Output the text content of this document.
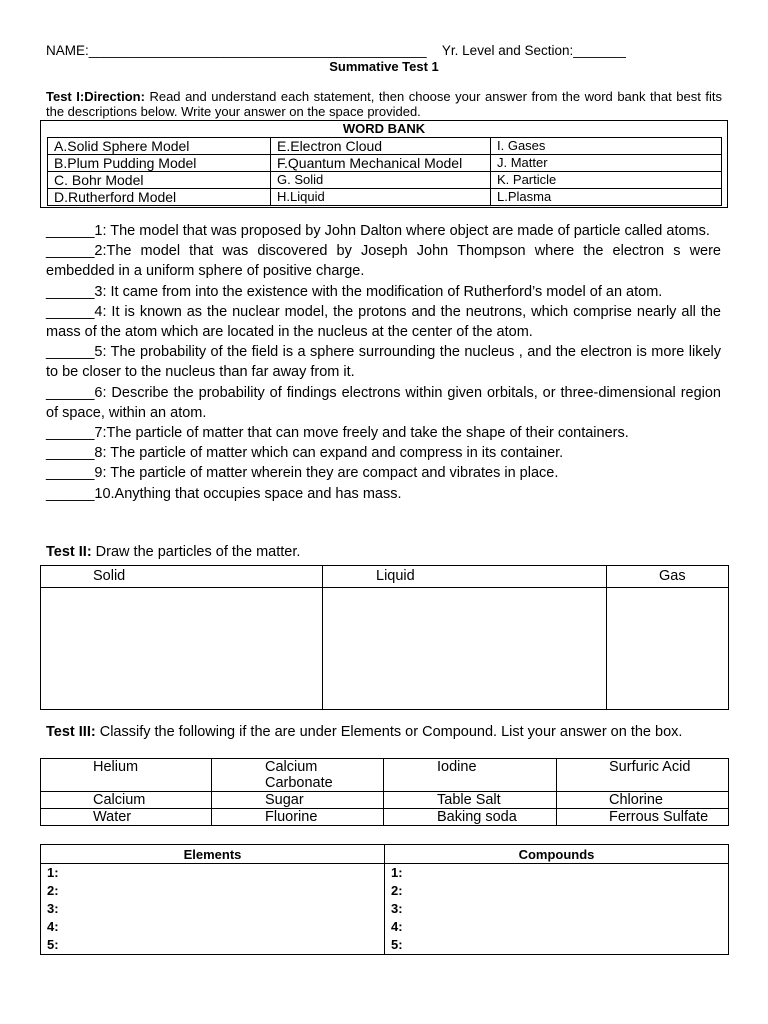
NAME:_____________________________________________ Yr. Level and Section:_______
Summative Test 1
Test I:Direction: Read and understand each statement, then choose your answer from the word bank that best fits the descriptions below. Write your answer on the space provided.
WORD BANK
A.Solid Sphere Model	E.Electron Cloud	I. Gases
B.Plum Pudding Model	F.Quantum Mechanical Model	J. Matter
C. Bohr Model	G. Solid	K. Particle
D.Rutherford Model	H.Liquid	L.Plasma

______1: The model that was proposed by John Dalton where object are made of particle called atoms.

______2:The model that was discovered by Joseph John Thompson where the electron s were embedded in a uniform sphere of positive charge.

______3: It came from into the existence with the modification of Rutherford’s model of an atom.

______4: It is known as the nuclear model, the protons and the neutrons, which comprise nearly all the mass of the atom which are located in the nucleus at the center of the atom.

______5: The probability of the field is a sphere surrounding the nucleus , and the electron is more likely to be closer to the nucleus than far away from it.

______6: Describe the probability of findings electrons within given orbitals, or three-dimensional region of space, within an atom.

______7:The particle of matter that can move freely and take the shape of their containers.

______8: The particle of matter which can expand and compress in its container.

______9: The particle of matter wherein they are compact and vibrates in place.

______10.Anything that occupies space and has mass.

Test II: Draw the particles of the matter.
Solid	Liquid	Gas

Test III: Classify the following if the are under Elements or Compound. List your answer on the box.
Helium	Calcium Carbonate	Iodine	Surfuric Acid
Calcium	Sugar	Table Salt	Chlorine
Water	Fluorine	Baking soda	Ferrous Sulfate
Elements	Compounds
1:	1:
2:	2:
3:	3:
4:	4:
5:	5:
